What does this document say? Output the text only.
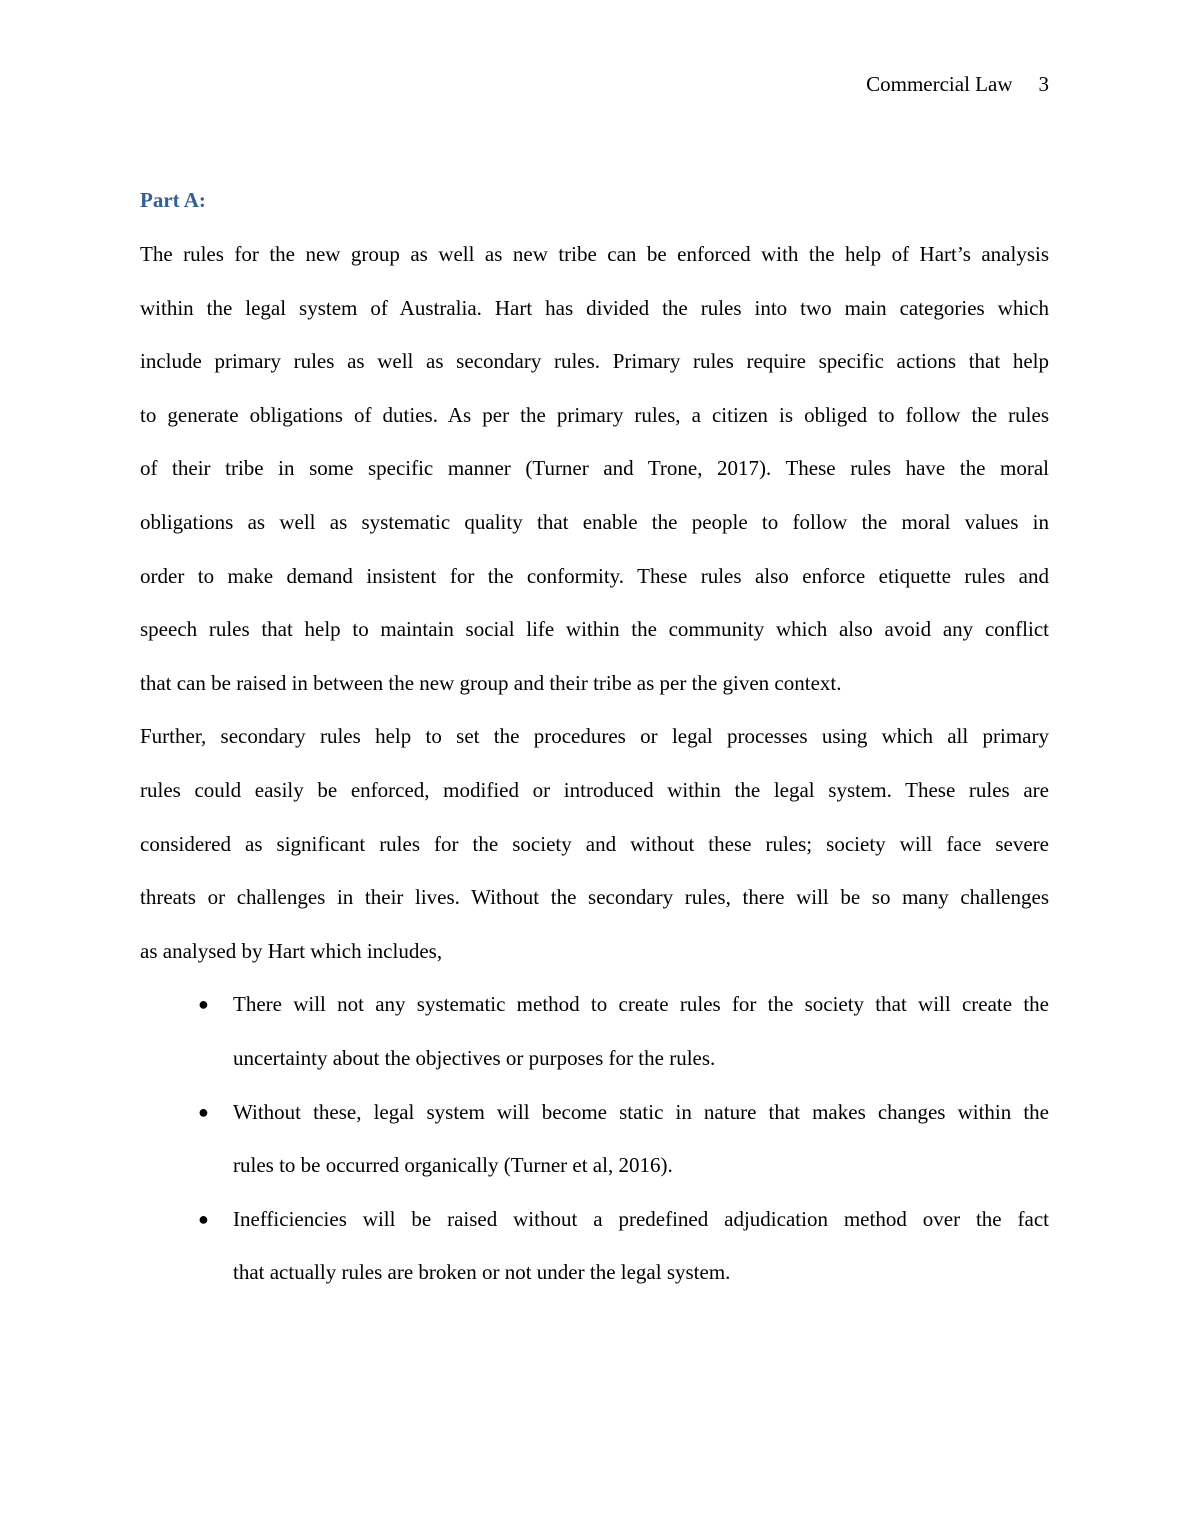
Commercial Law 3
Part A:
The rules for the new group as well as new tribe can be enforced with the help of Hart’s analysis
within the legal system of Australia. Hart has divided the rules into two main categories which
include primary rules as well as secondary rules. Primary rules require specific actions that help
to generate obligations of duties. As per the primary rules, a citizen is obliged to follow the rules
of their tribe in some specific manner (Turner and Trone, 2017). These rules have the moral
obligations as well as systematic quality that enable the people to follow the moral values in
order to make demand insistent for the conformity. These rules also enforce etiquette rules and
speech rules that help to maintain social life within the community which also avoid any conflict
that can be raised in between the new group and their tribe as per the given context.
Further, secondary rules help to set the procedures or legal processes using which all primary
rules could easily be enforced, modified or introduced within the legal system. These rules are
considered as significant rules for the society and without these rules; society will face severe
threats or challenges in their lives. Without the secondary rules, there will be so many challenges
as analysed by Hart which includes,
● There will not any systematic method to create rules for the society that will create the
uncertainty about the objectives or purposes for the rules.
● Without these, legal system will become static in nature that makes changes within the
rules to be occurred organically (Turner et al, 2016).
● Inefficiencies will be raised without a predefined adjudication method over the fact
that actually rules are broken or not under the legal system.
